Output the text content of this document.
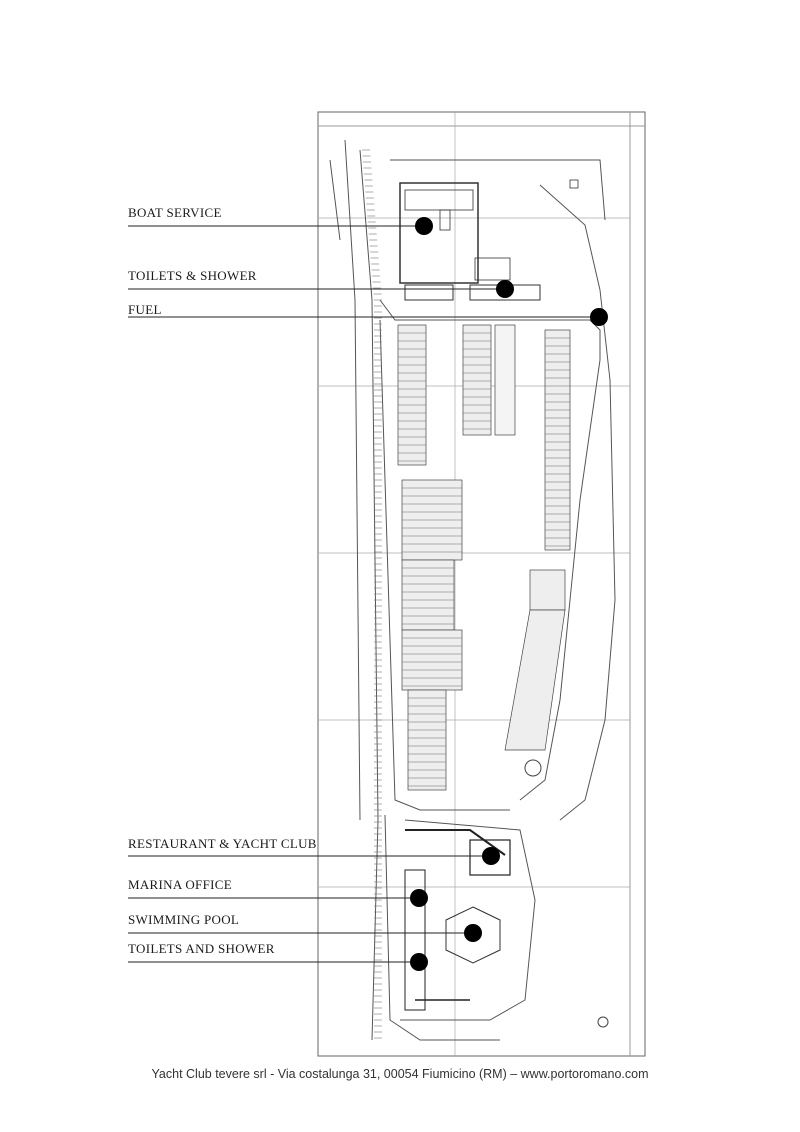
BOAT SERVICE
TOILETS & SHOWER
FUEL
RESTAURANT & YACHT CLUB
MARINA OFFICE
SWIMMING POOL
TOILETS AND SHOWER
Yacht Club tevere srl - Via costalunga 31, 00054 Fiumicino (RM) – www.portoromano.com
